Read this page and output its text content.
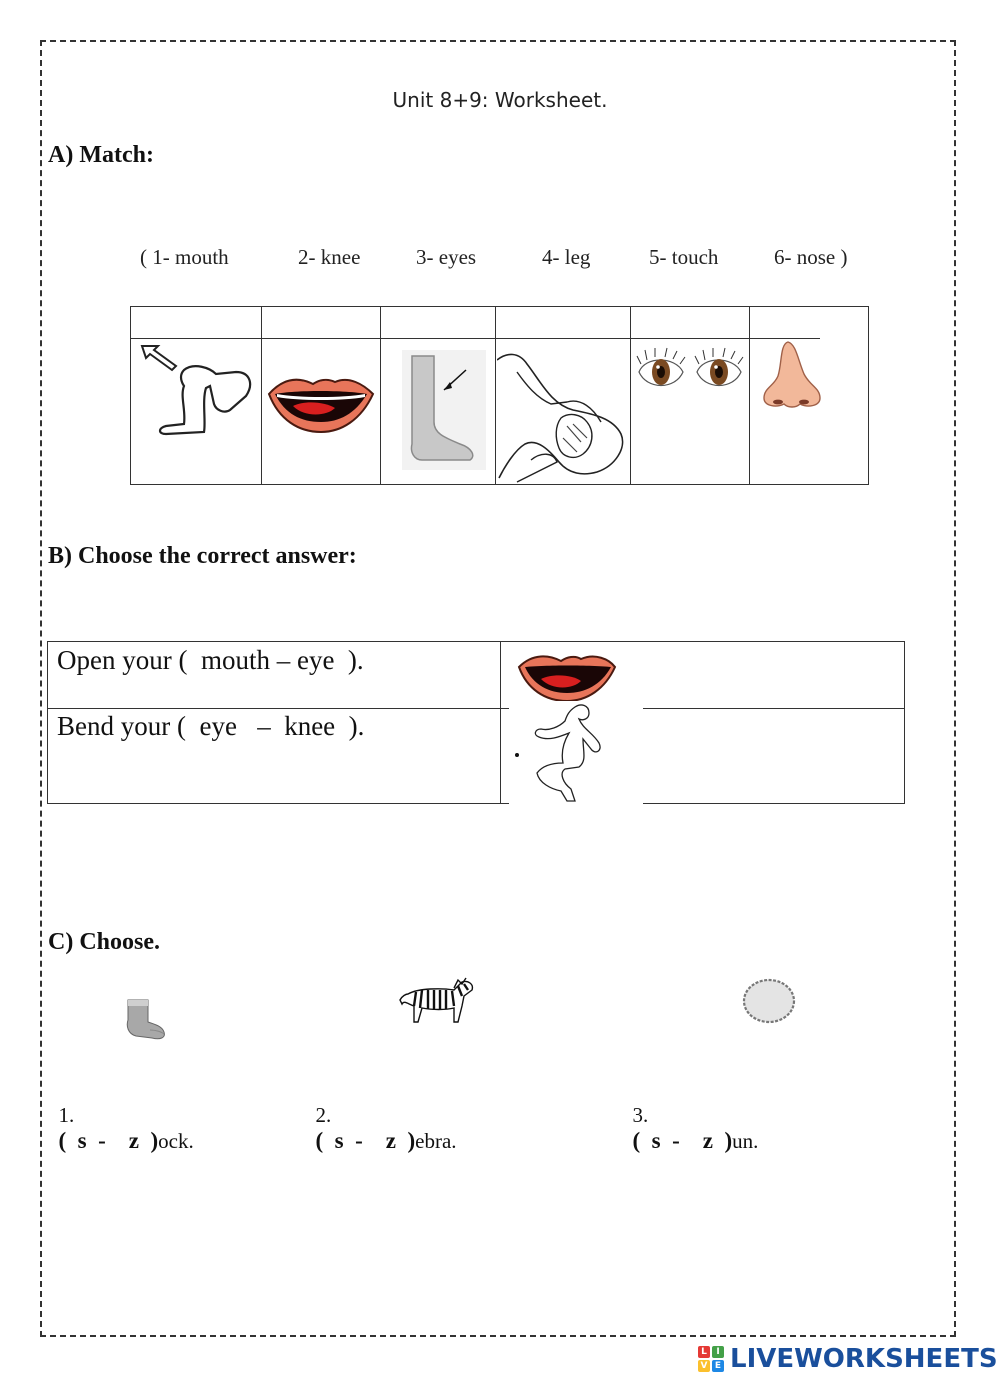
Unit 8+9: Worksheet.
A) Match:
( 1- mouth	2- knee	3- eyes	4- leg	5- touch	6- nose )
B) Choose the correct answer:
Open your (  mouth – eye  ).
Bend your (  eye   –  knee  ).
C) Choose.

1.
(  s  -    z  )ock.

2.
(  s  -    z  )ebra.

3.
(  s  -    z  )un.

L	I
V E LIVEWORKSHEETS
